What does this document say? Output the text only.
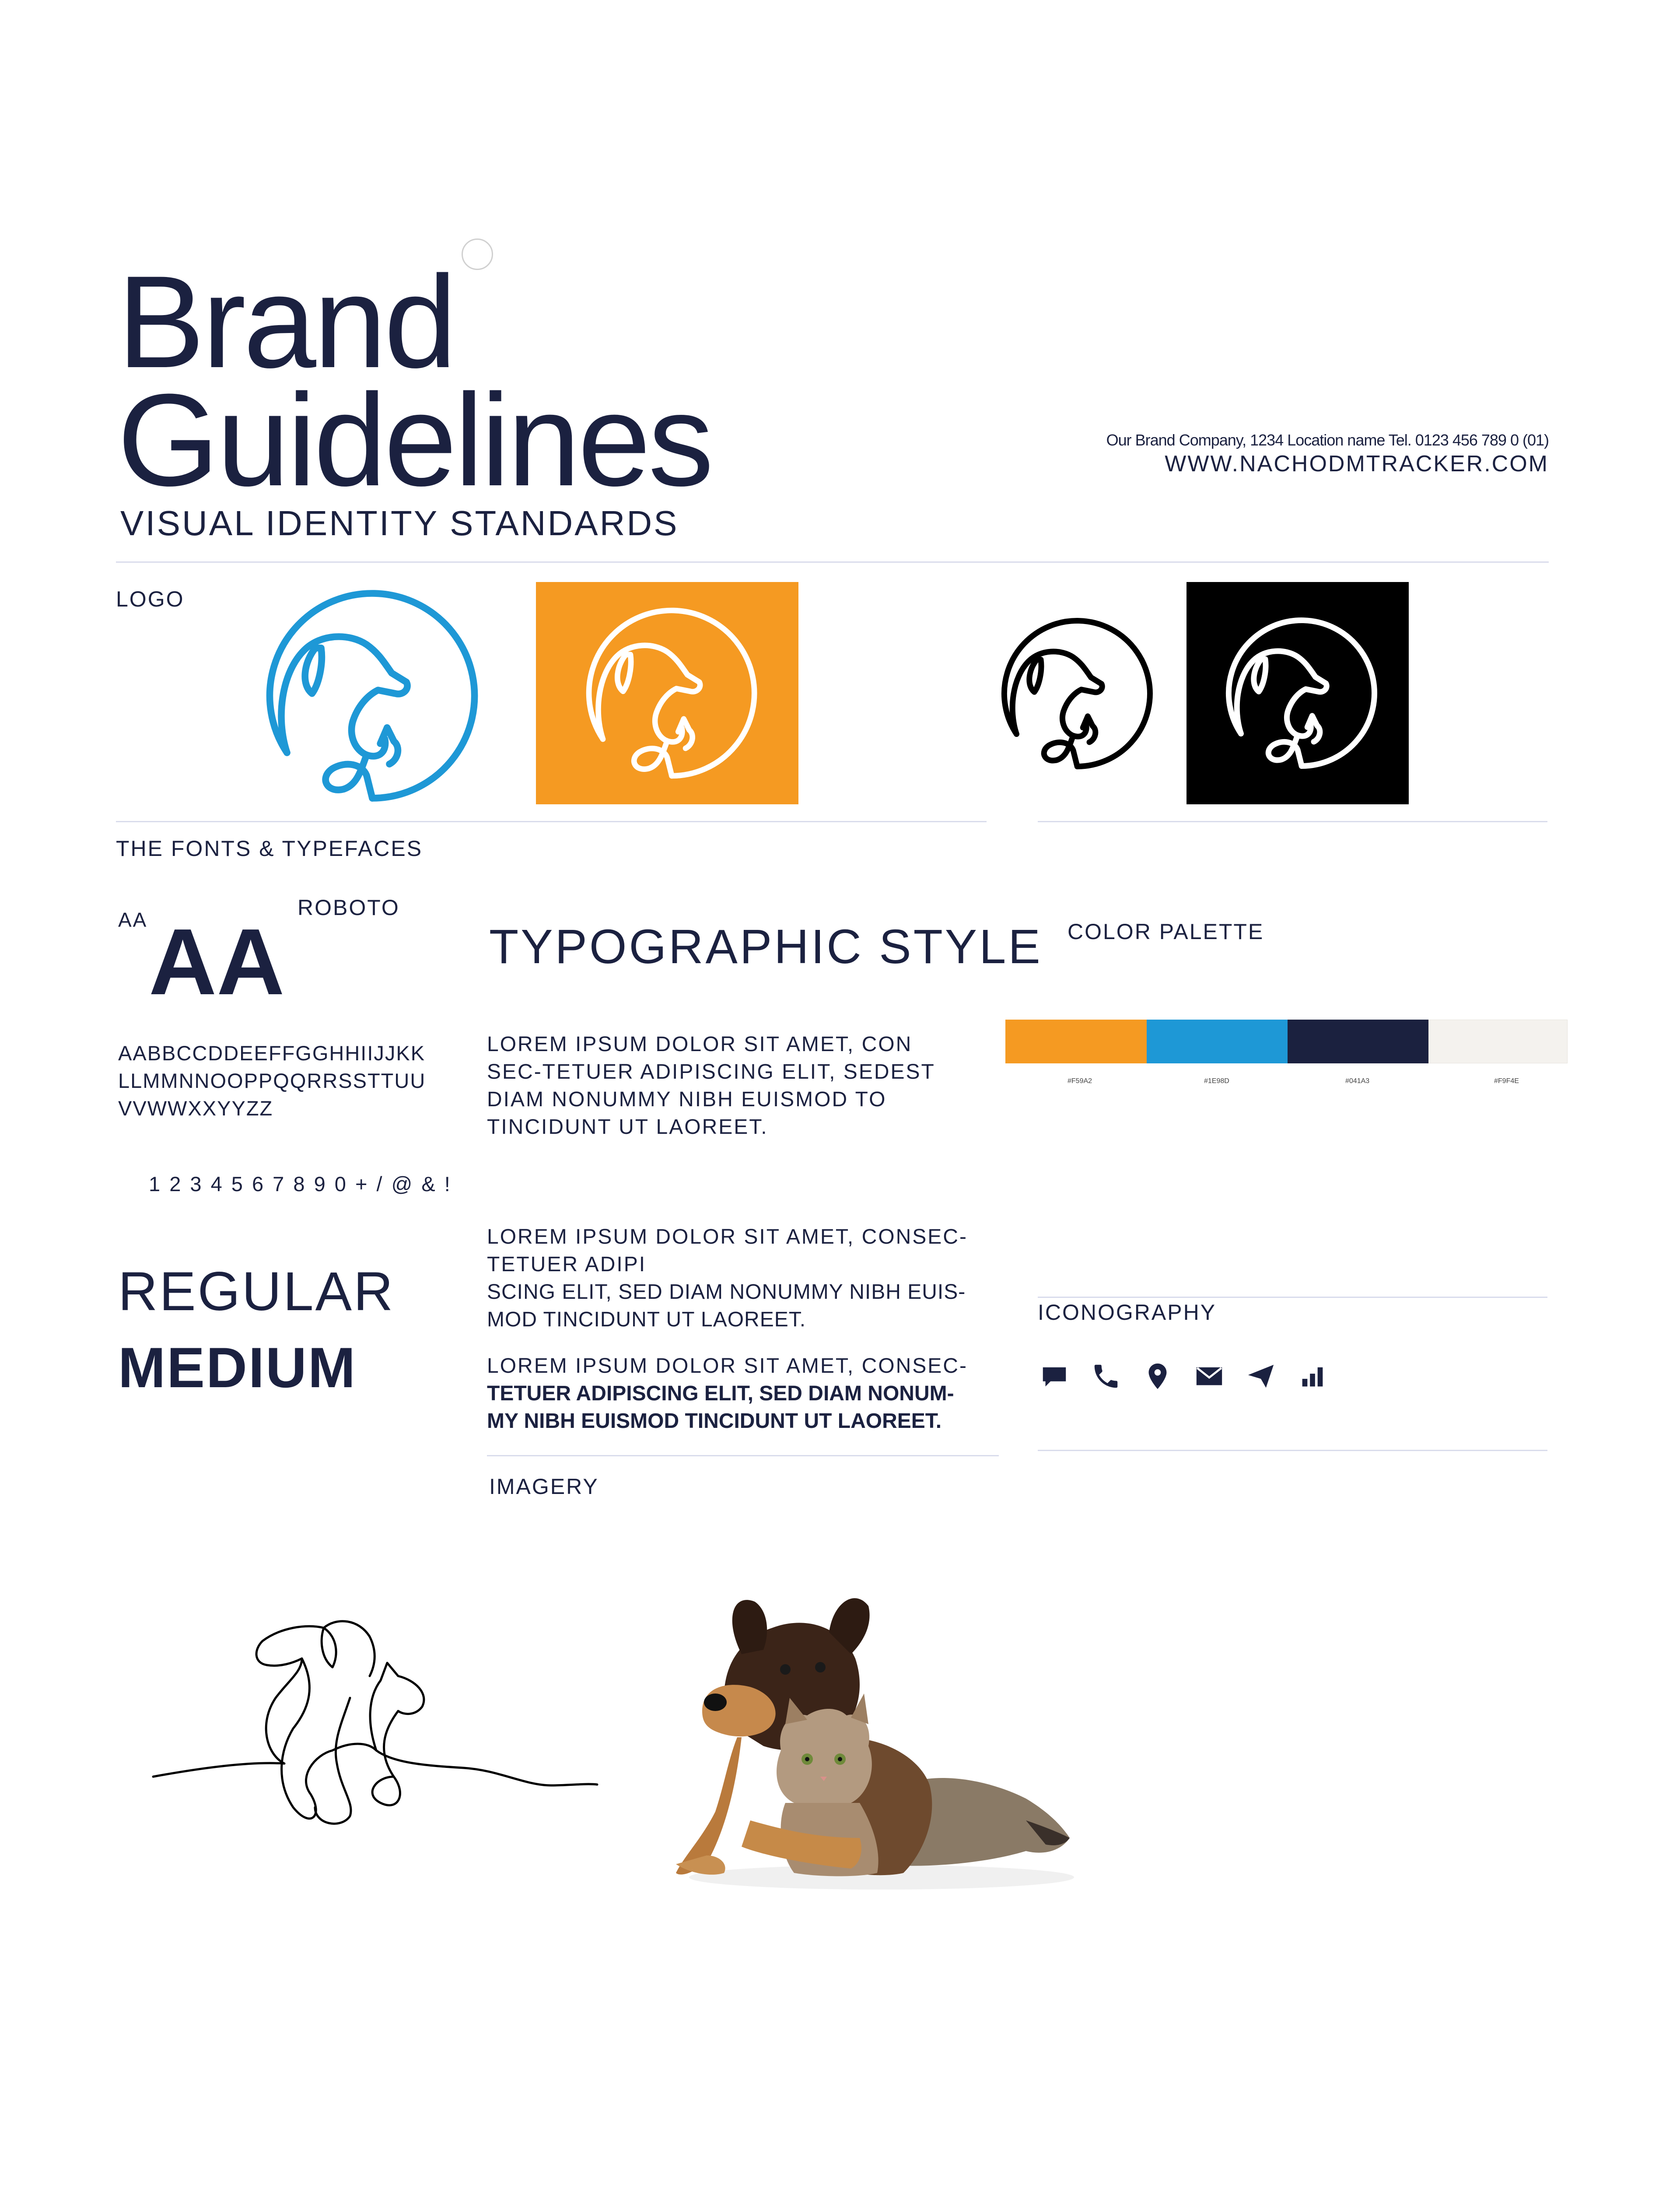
Brand
Guidelines
VISUAL IDENTITY STANDARDS
Our Brand Company, 1234 Location name Tel. 0123 456 789 0 (01)
WWW.NACHODMTRACKER.COM
LOGO
THE FONTS & TYPEFACES
AA	ROBOTO
AA
AABBCCDDEEFFGGHHIIJJKK
LLMMNNOOPPQQRRSSTTUU
VVWWXXYYZZ
1 2 3 4 5 6 7 8 9 0 + / @ & !
REGULAR
MEDIUM
TYPOGRAPHIC STYLE
LOREM IPSUM DOLOR SIT AMET, CON SEC-TETUER ADIPISCING ELIT, SEDEST DIAM NONUMMY NIBH EUISMOD TO TINCIDUNT UT LAOREET.
LOREM IPSUM DOLOR SIT AMET, CONSEC-TETUER ADIPI
SCING ELIT, SED DIAM NONUMMY NIBH EUIS-MOD TINCIDUNT UT LAOREET.
LOREM IPSUM DOLOR SIT AMET, CONSEC-
TETUER ADIPISCING ELIT, SED DIAM NONUM-MY NIBH EUISMOD TINCIDUNT UT LAOREET.
COLOR PALETTE
#F59A2	#1E98D	#041A3	#F9F4E
ICONOGRAPHY
IMAGERY
